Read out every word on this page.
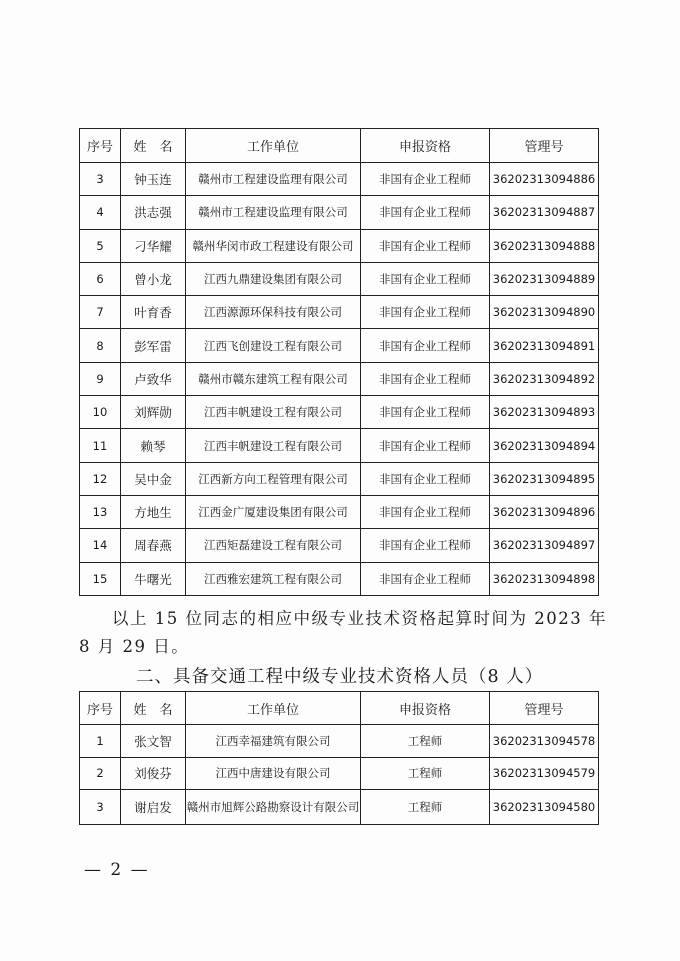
序号	姓　名	工作单位	申报资格	管理号
3	钟玉连	赣州市工程建设监理有限公司	非国有企业工程师	36202313094886
4	洪志强	赣州市工程建设监理有限公司	非国有企业工程师	36202313094887
5	刁华耀	赣州华闵市政工程建设有限公司	非国有企业工程师	36202313094888
6	曾小龙	江西九鼎建设集团有限公司	非国有企业工程师	36202313094889
7	叶育香	江西源源环保科技有限公司	非国有企业工程师	36202313094890
8	彭军雷	江西飞创建设工程有限公司	非国有企业工程师	36202313094891
9	卢致华	赣州市赣东建筑工程有限公司	非国有企业工程师	36202313094892
10	刘辉勋	江西丰帆建设工程有限公司	非国有企业工程师	36202313094893
11	赖琴	江西丰帆建设工程有限公司	非国有企业工程师	36202313094894
12	吴中金	江西新方向工程管理有限公司	非国有企业工程师	36202313094895
13	方地生	江西金广厦建设集团有限公司	非国有企业工程师	36202313094896
14	周春燕	江西矩磊建设工程有限公司	非国有企业工程师	36202313094897
15	牛曙光	江西雅宏建筑工程有限公司	非国有企业工程师	36202313094898
以上 15 位同志的相应中级专业技术资格起算时间为 2023 年 8 月 29 日。
二、具备交通工程中级专业技术资格人员（8 人）
序号	姓　名	工作单位	申报资格	管理号
1	张文智	江西幸福建筑有限公司	工程师	36202313094578
2	刘俊芬	江西中唐建设有限公司	工程师	36202313094579
3	谢启发	赣州市旭辉公路勘察设计有限公司	工程师	36202313094580
— 2 —
